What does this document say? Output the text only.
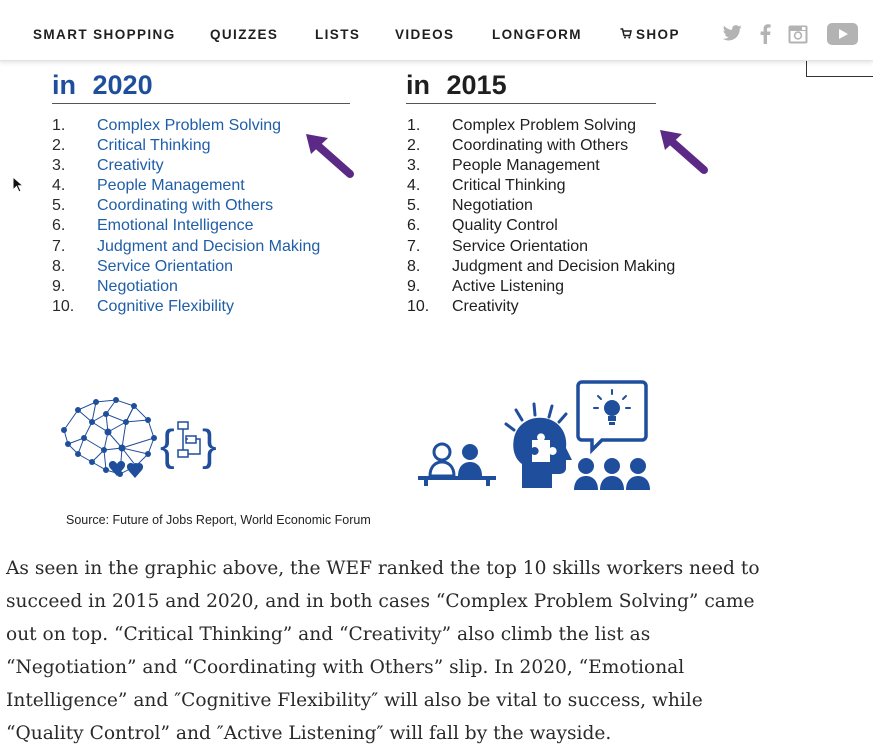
SMART SHOPPING	QUIZZES	LISTS	VIDEOS	LONGFORM	SHOP
in 2020	in 2015
1. Complex Problem Solving
2. Critical Thinking
3. Creativity
4. People Management
5. Coordinating with Others
6. Emotional Intelligence
7. Judgment and Decision Making
8. Service Orientation
9. Negotiation
10. Cognitive Flexibility
1. Complex Problem Solving
2. Coordinating with Others
3. People Management
4. Critical Thinking
5. Negotiation
6. Quality Control
7. Service Orientation
8. Judgment and Decision Making
9. Active Listening
10. Creativity
{ }
Source: Future of Jobs Report, World Economic Forum

As seen in the graphic above, the WEF ranked the top 10 skills workers need to

succeed in 2015 and 2020, and in both cases “Complex Problem Solving” came

out on top. “Critical Thinking” and “Creativity” also climb the list as

“Negotiation” and “Coordinating with Others” slip. In 2020, “Emotional

Intelligence” and ″Cognitive Flexibility″ will also be vital to success, while

“Quality Control” and ″Active Listening″ will fall by the wayside.
